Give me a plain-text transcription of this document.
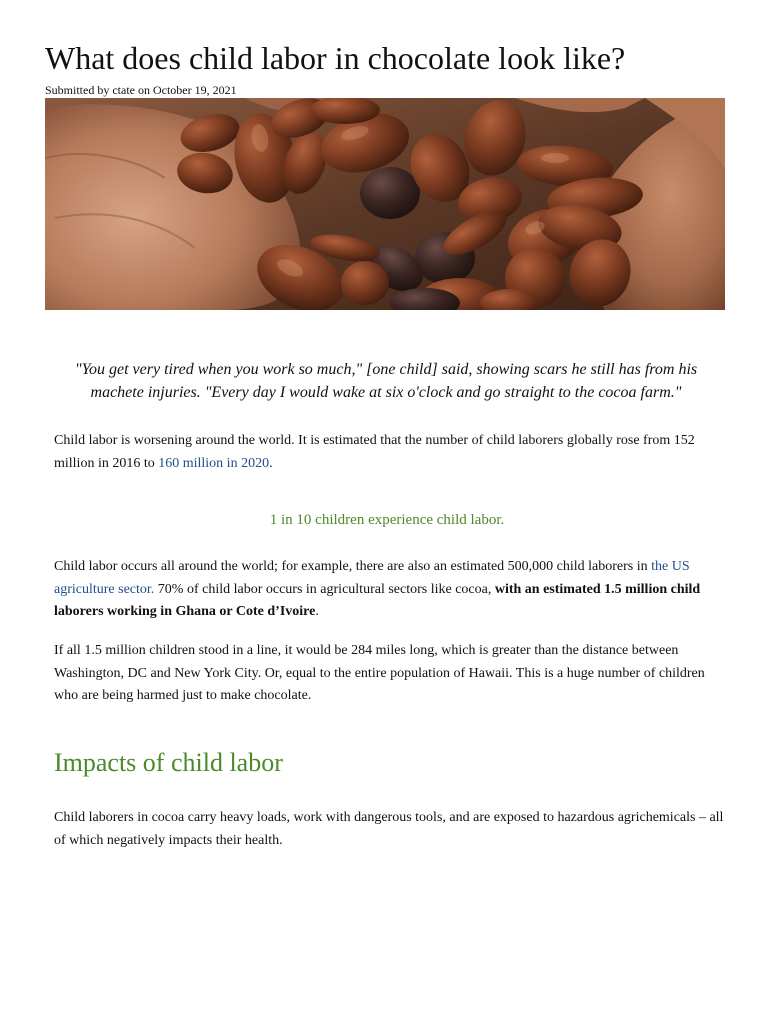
What does child labor in chocolate look like?
Submitted by ctate on October 19, 2021

"You get very tired when you work so much," [one child] said, showing scars he still has from his machete injuries. "Every day I would wake at six o'clock and go straight to the cocoa farm."

Child labor is worsening around the world. It is estimated that the number of child laborers globally rose from 152 million in 2016 to 160 million in 2020.

1 in 10 children experience child labor.

Child labor occurs all around the world; for example, there are also an estimated 500,000 child laborers in the US agriculture sector. 70% of child labor occurs in agricultural sectors like cocoa, with an estimated 1.5 million child laborers working in Ghana or Cote d’Ivoire.

If all 1.5 million children stood in a line, it would be 284 miles long, which is greater than the distance between Washington, DC and New York City. Or, equal to the entire population of Hawaii. This is a huge number of children who are being harmed just to make chocolate.

Impacts of child labor

Child laborers in cocoa carry heavy loads, work with dangerous tools, and are exposed to hazardous agrichemicals – all of which negatively impacts their health.
